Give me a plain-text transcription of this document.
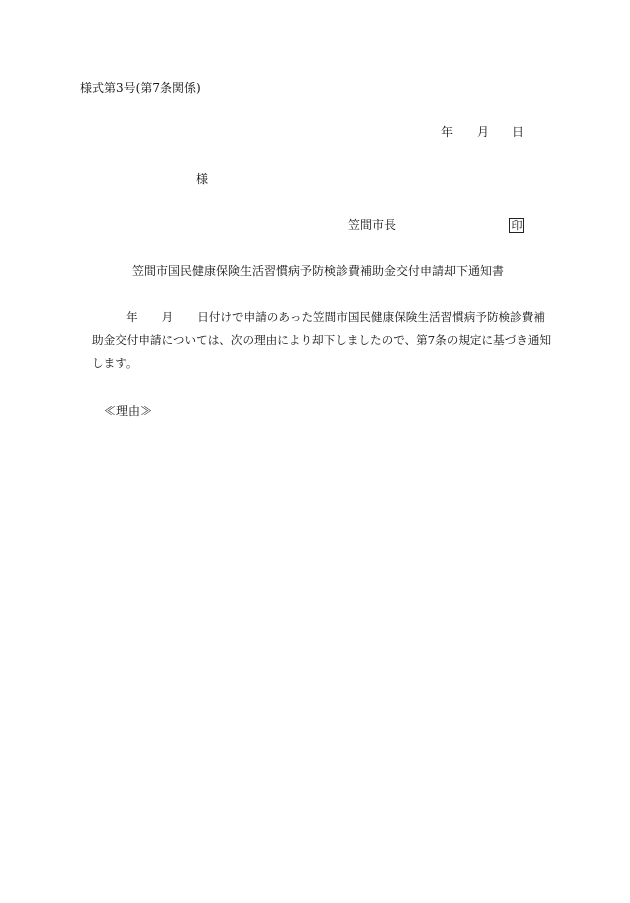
様式第3号(第7条関係)
年 月 日
様
笠間市長	印
笠間市国民健康保険生活習慣病予防検診費補助金交付申請却下通知書
年 月 日付けで申請のあった笠間市国民健康保険生活習慣病予防検診費補
助金交付申請については、次の理由により却下しましたので、第7条の規定に基づき通知
します。
≪理由≫
